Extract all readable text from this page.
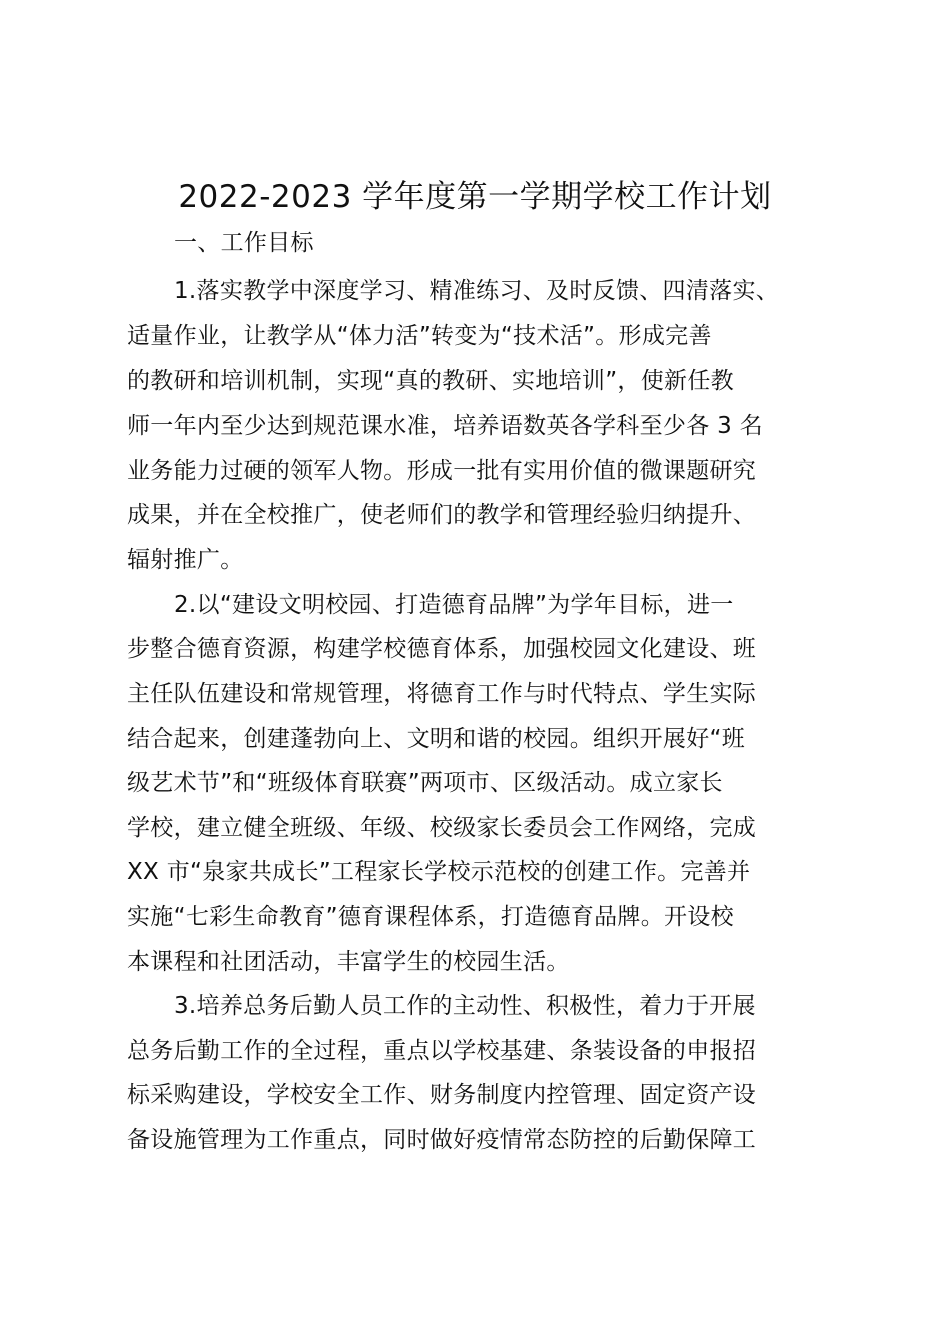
2022-2023 学年度第一学期学校工作计划
一、工作目标
1.落实教学中深度学习、精准练习、及时反馈、四清落实、
适量作业，让教学从“体力活”转变为“技术活”。形成完善
的教研和培训机制，实现“真的教研、实地培训”，使新任教
师一年内至少达到规范课水准，培养语数英各学科至少各 3 名
业务能力过硬的领军人物。形成一批有实用价值的微课题研究
成果，并在全校推广，使老师们的教学和管理经验归纳提升、
辐射推广。
2.以“建设文明校园、打造德育品牌”为学年目标，进一
步整合德育资源，构建学校德育体系，加强校园文化建设、班
主任队伍建设和常规管理，将德育工作与时代特点、学生实际
结合起来，创建蓬勃向上、文明和谐的校园。组织开展好“班
级艺术节”和“班级体育联赛”两项市、区级活动。成立家长
学校，建立健全班级、年级、校级家长委员会工作网络，完成
XX 市“泉家共成长”工程家长学校示范校的创建工作。完善并
实施“七彩生命教育”德育课程体系，打造德育品牌。开设校
本课程和社团活动，丰富学生的校园生活。
3.培养总务后勤人员工作的主动性、积极性，着力于开展
总务后勤工作的全过程，重点以学校基建、条装设备的申报招
标采购建设，学校安全工作、财务制度内控管理、固定资产设
备设施管理为工作重点，同时做好疫情常态防控的后勤保障工
